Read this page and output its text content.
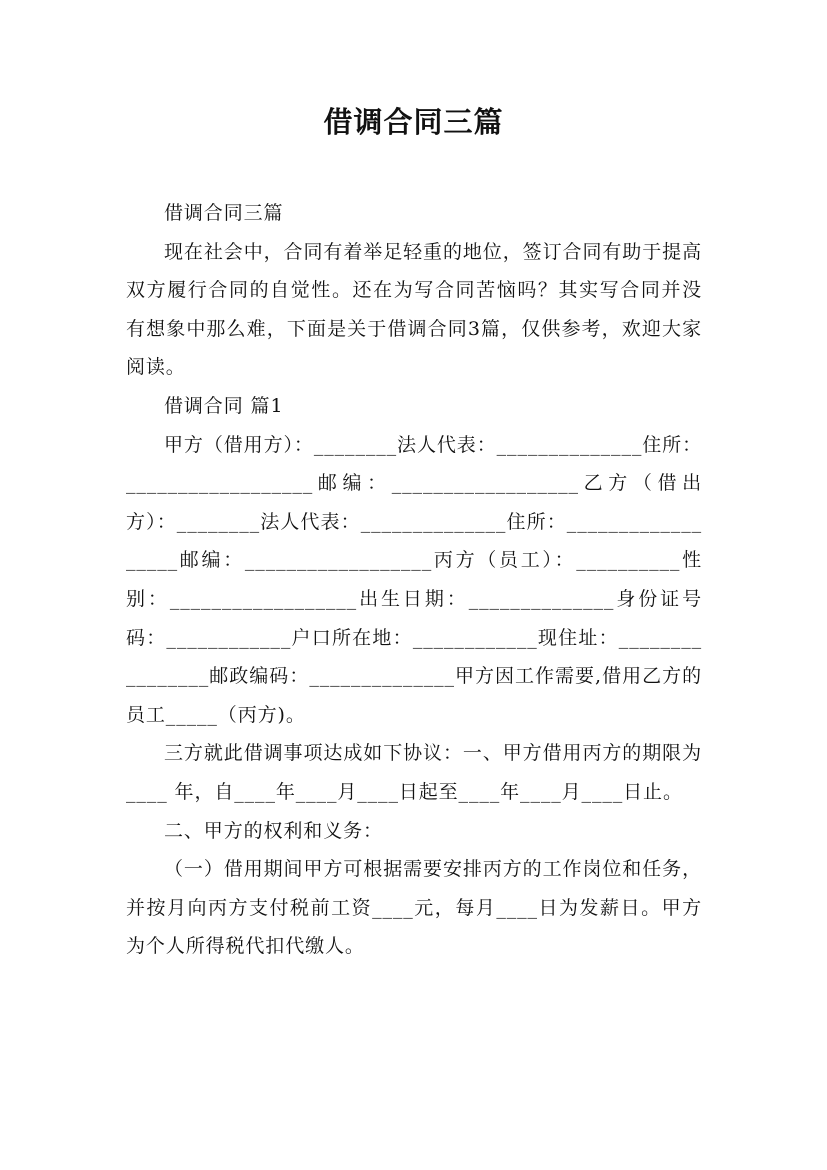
借调合同三篇

借调合同三篇

现在社会中，合同有着举足轻重的地位，签订合同有助于提高双方履行合同的自觉性。还在为写合同苦恼吗？其实写合同并没有想象中那么难，下面是关于借调合同3篇，仅供参考，欢迎大家阅读。

借调合同 篇1

甲方（借用方）：________法人代表：______________住所：__________________邮编：__________________乙方（借出方）：________法人代表：______________住所：__________________邮编：__________________丙方（员工）：__________性别：__________________出生日期：______________身份证号码：____________户口所在地：____________现住址：________________邮政编码：______________甲方因工作需要,借用乙方的员工_____（丙方)。

三方就此借调事项达成如下协议：一、甲方借用丙方的期限为____ 年，自____年____月____日起至____年____月____日止。

二、甲方的权利和义务：

（一）借用期间甲方可根据需要安排丙方的工作岗位和任务，并按月向丙方支付税前工资____元，每月____日为发薪日。甲方为个人所得税代扣代缴人。
